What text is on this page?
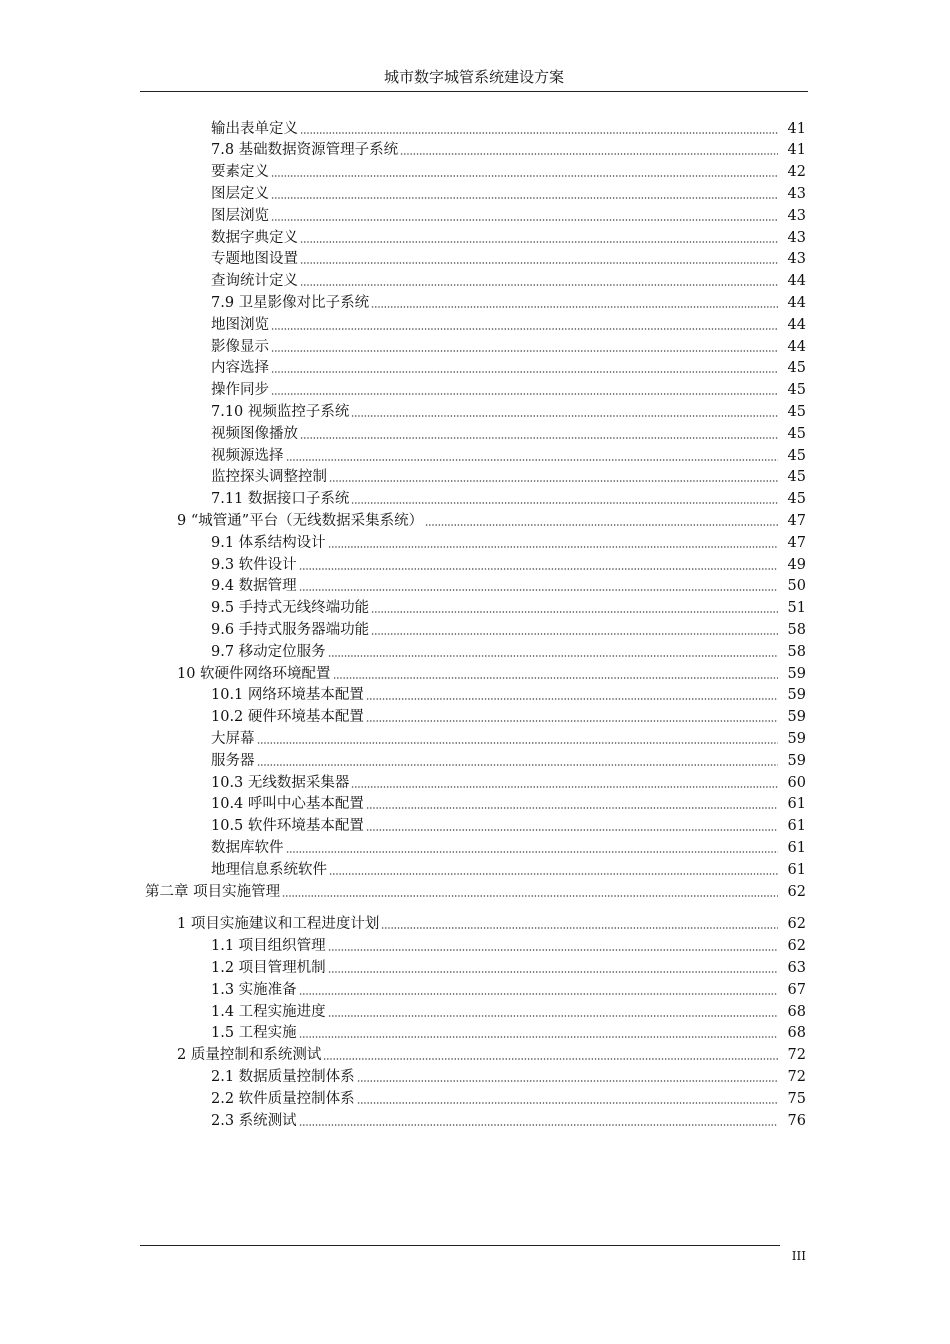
城市数字城管系统建设方案
输出表单定义	41
7.8 基础数据资源管理子系统	41
要素定义	42
图层定义	43
图层浏览	43
数据字典定义	43
专题地图设置	43
查询统计定义	44
7.9 卫星影像对比子系统	44
地图浏览	44
影像显示	44
内容选择	45
操作同步	45
7.10 视频监控子系统	45
视频图像播放	45
视频源选择	45
监控探头调整控制	45
7.11 数据接口子系统	45
9 “城管通”平台（无线数据采集系统）	47
9.1 体系结构设计	47
9.3 软件设计	49
9.4 数据管理	50
9.5 手持式无线终端功能	51
9.6 手持式服务器端功能	58
9.7 移动定位服务	58
10 软硬件网络环境配置	59
10.1 网络环境基本配置	59
10.2 硬件环境基本配置	59
大屏幕	59
服务器	59
10.3 无线数据采集器	60
10.4 呼叫中心基本配置	61
10.5 软件环境基本配置	61
数据库软件	61
地理信息系统软件	61
第二章 项目实施管理	62
1 项目实施建议和工程进度计划	62
1.1 项目组织管理	62
1.2 项目管理机制	63
1.3 实施准备	67
1.4 工程实施进度	68
1.5 工程实施	68
2 质量控制和系统测试	72
2.1 数据质量控制体系	72
2.2 软件质量控制体系	75
2.3 系统测试	76
III
